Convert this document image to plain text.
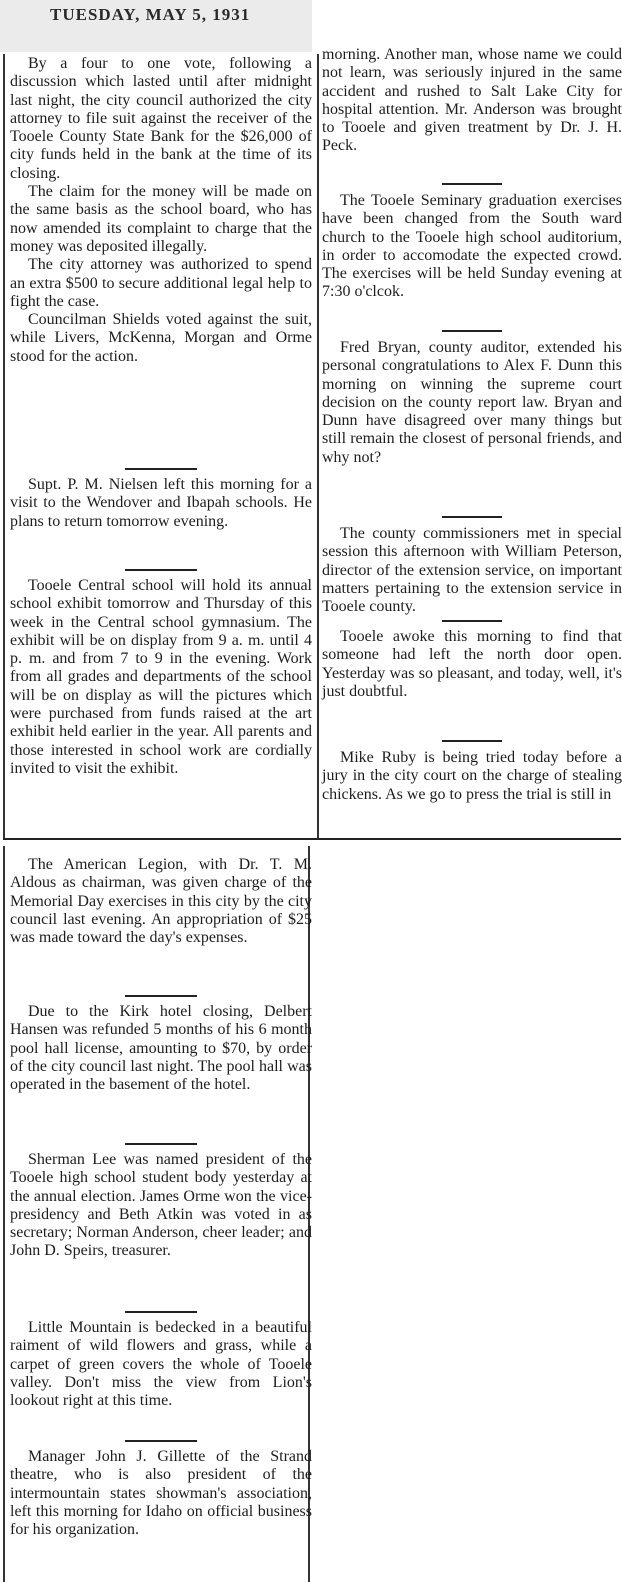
TUESDAY, MAY 5, 1931

By a four to one vote, following a discussion which lasted until after midnight last night, the city council authorized the city attorney to file suit against the receiver of the Tooele County State Bank for the $26,000 of city funds held in the bank at the time of its closing.

The claim for the money will be made on the same basis as the school board, who has now amended its complaint to charge that the money was deposited illegally.

The city attorney was authorized to spend an extra $500 to secure additional legal help to fight the case.

Councilman Shields voted against the suit, while Livers, McKenna, Morgan and Orme stood for the action.

Supt. P. M. Nielsen left this morning for a visit to the Wendover and Ibapah schools. He plans to return tomorrow evening.

Tooele Central school will hold its annual school exhibit tomorrow and Thursday of this week in the Central school gymnasium. The exhibit will be on display from 9 a. m. until 4 p. m. and from 7 to 9 in the evening. Work from all grades and departments of the school will be on display as will the pictures which were purchased from funds raised at the art exhibit held earlier in the year. All parents and those interested in school work are cordially invited to visit the exhibit.

The American Legion, with Dr. T. M. Aldous as chairman, was given charge of the Memorial Day exercises in this city by the city council last evening. An appropriation of $25 was made toward the day's expenses.

Due to the Kirk hotel closing, Delbert Hansen was refunded 5 months of his 6 month pool hall license, amounting to $70, by order of the city council last night. The pool hall was operated in the basement of the hotel.

Sherman Lee was named president of the Tooele high school student body yesterday at the annual election. James Orme won the vice-presidency and Beth Atkin was voted in as secretary; Norman Anderson, cheer leader; and John D. Speirs, treasurer.

Little Mountain is bedecked in a beautiful raiment of wild flowers and grass, while a carpet of green covers the whole of Tooele valley. Don't miss the view from Lion's lookout right at this time.

Manager John J. Gillette of the Strand theatre, who is also president of the intermountain states showman's association, left this morning for Idaho on official business for his organization.

morning. Another man, whose name we could not learn, was seriously injured in the same accident and rushed to Salt Lake City for hospital attention. Mr. Anderson was brought to Tooele and given treatment by Dr. J. H. Peck.

The Tooele Seminary graduation exercises have been changed from the South ward church to the Tooele high school auditorium, in order to accomodate the expected crowd. The exercises will be held Sunday evening at 7:30 o'clcok.

Fred Bryan, county auditor, extended his personal congratulations to Alex F. Dunn this morning on winning the supreme court decision on the county report law. Bryan and Dunn have disagreed over many things but still remain the closest of personal friends, and why not?

The county commissioners met in special session this afternoon with William Peterson, director of the extension service, on important matters pertaining to the extension service in Tooele county.

Tooele awoke this morning to find that someone had left the north door open. Yesterday was so pleasant, and today, well, it's just doubtful.

Mike Ruby is being tried today before a jury in the city court on the charge of stealing chickens. As we go to press the trial is still in
